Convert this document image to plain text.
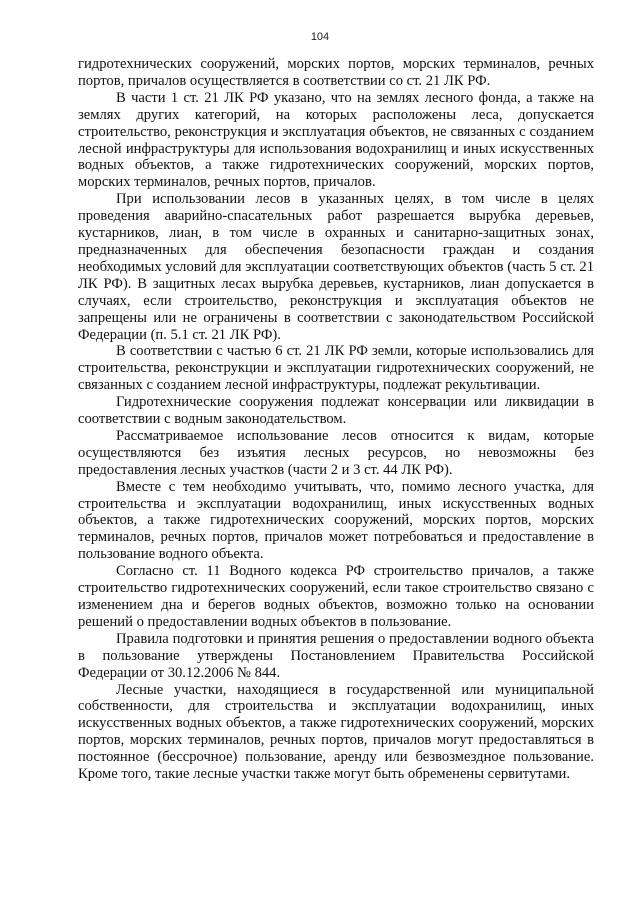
104

гидротехнических сооружений, морских портов, морских терминалов, речных портов, причалов осуществляется в соответствии со ст. 21 ЛК РФ.

В части 1 ст. 21 ЛК РФ указано, что на землях лесного фонда, а также на землях других категорий, на которых расположены леса, допускается строительство, реконструкция и эксплуатация объектов, не связанных с созданием лесной инфраструктуры для использования водохранилищ и иных искусственных водных объектов, а также гидротехнических сооружений, морских портов, морских терминалов, речных портов, причалов.

При использовании лесов в указанных целях, в том числе в целях проведения аварийно-спасательных работ разрешается вырубка деревьев, кустарников, лиан, в том числе в охранных и санитарно-защитных зонах, предназначенных для обеспечения безопасности граждан и создания необходимых условий для эксплуатации соответствующих объектов (часть 5 ст. 21 ЛК РФ). В защитных лесах вырубка деревьев, кустарников, лиан допускается в случаях, если строительство, реконструкция и эксплуатация объектов не запрещены или не ограничены в соответствии с законодательством Российской Федерации (п. 5.1 ст. 21 ЛК РФ).

В соответствии с частью 6 ст. 21 ЛК РФ земли, которые использовались для строительства, реконструкции и эксплуатации гидротехнических сооружений, не связанных с созданием лесной инфраструктуры, подлежат рекультивации.

Гидротехнические сооружения подлежат консервации или ликвидации в соответствии с водным законодательством.

Рассматриваемое использование лесов относится к видам, которые осуществляются без изъятия лесных ресурсов, но невозможны без предоставления лесных участков (части 2 и 3 ст. 44 ЛК РФ).

Вместе с тем необходимо учитывать, что, помимо лесного участка, для строительства и эксплуатации водохранилищ, иных искусственных водных объектов, а также гидротехнических сооружений, морских портов, морских терминалов, речных портов, причалов может потребоваться и предоставление в пользование водного объекта.

Согласно ст. 11 Водного кодекса РФ строительство причалов, а также строительство гидротехнических сооружений, если такое строительство связано с изменением дна и берегов водных объектов, возможно только на основании решений о предоставлении водных объектов в пользование.

Правила подготовки и принятия решения о предоставлении водного объекта в пользование утверждены Постановлением Правительства Российской Федерации от 30.12.2006 № 844.

Лесные участки, находящиеся в государственной или муниципальной собственности, для строительства и эксплуатации водохранилищ, иных искусственных водных объектов, а также гидротехнических сооружений, морских портов, морских терминалов, речных портов, причалов могут предоставляться в постоянное (бессрочное) пользование, аренду или безвозмездное пользование. Кроме того, такие лесные участки также могут быть обременены сервитутами.
